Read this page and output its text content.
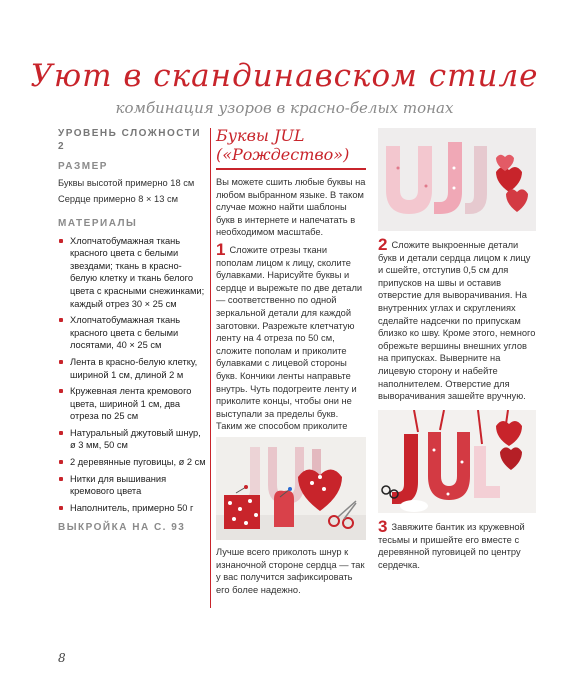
Уют в скандинавском стиле
комбинация узоров в красно-белых тонах
УРОВЕНЬ СЛОЖНОСТИ 2
РАЗМЕР
Буквы высотой примерно 18 см
Сердце примерно 8 × 13 см
МАТЕРИАЛЫ
Хлопчатобумажная ткань красного цвета с белыми звездами; ткань в красно-белую клетку и ткань белого цвета с красными снежинками; каждый отрез 30 × 25 см
Хлопчатобумажная ткань красного цвета с белыми лосятами, 40 × 25 см
Лента в красно-белую клетку, шириной 1 см, длиной 2 м
Кружевная лента кремового цвета, шириной 1 см, два отреза по 25 см
Натуральный джутовый шнур, ø 3 мм, 50 см
2 деревянные пуговицы, ø 2 см
Нитки для вышивания кремового цвета
Наполнитель, примерно 50 г
ВЫКРОЙКА НА С. 93
Буквы JUL
(«Рождество»)
Вы можете сшить любые буквы на любом выбранном языке. В таком случае можно найти шаблоны букв в интернете и напечатать в необходимом масштабе.
1 Сложите отрезы ткани пополам лицом к лицу, сколите булавками. Нарисуйте буквы и сердце и вырежьте по две детали — соответственно по одной зеркальной детали для каждой заготовки. Разрежьте клетчатую ленту на 4 отреза по 50 см, сложите пополам и приколите булавками с лицевой стороны букв. Кончики ленты направьте внутрь. Чуть подогреите ленту и приколите концы, чтобы они не выступали за пределы букв. Таким же способом приколите
Лучше всего приколоть шнур к изнаночной стороне сердца — так у вас получится зафиксировать его более надежно.
2 Сложите выкроенные детали букв и детали сердца лицом к лицу и сшейте, отступив 0,5 см для припусков на швы и оставив отверстие для выворачивания. На внутренних углах и скруглениях сделайте надсечки по припускам близко ко шву. Кроме этого, немного обрежьте вершины внешних углов на припусках. Выверните на лицевую сторону и набейте наполнителем. Отверстие для выворачивания зашейте вручную.
3 Завяжите бантик из кружевной тесьмы и пришейте его вместе с деревянной пуговицей по центру сердечка.
8
